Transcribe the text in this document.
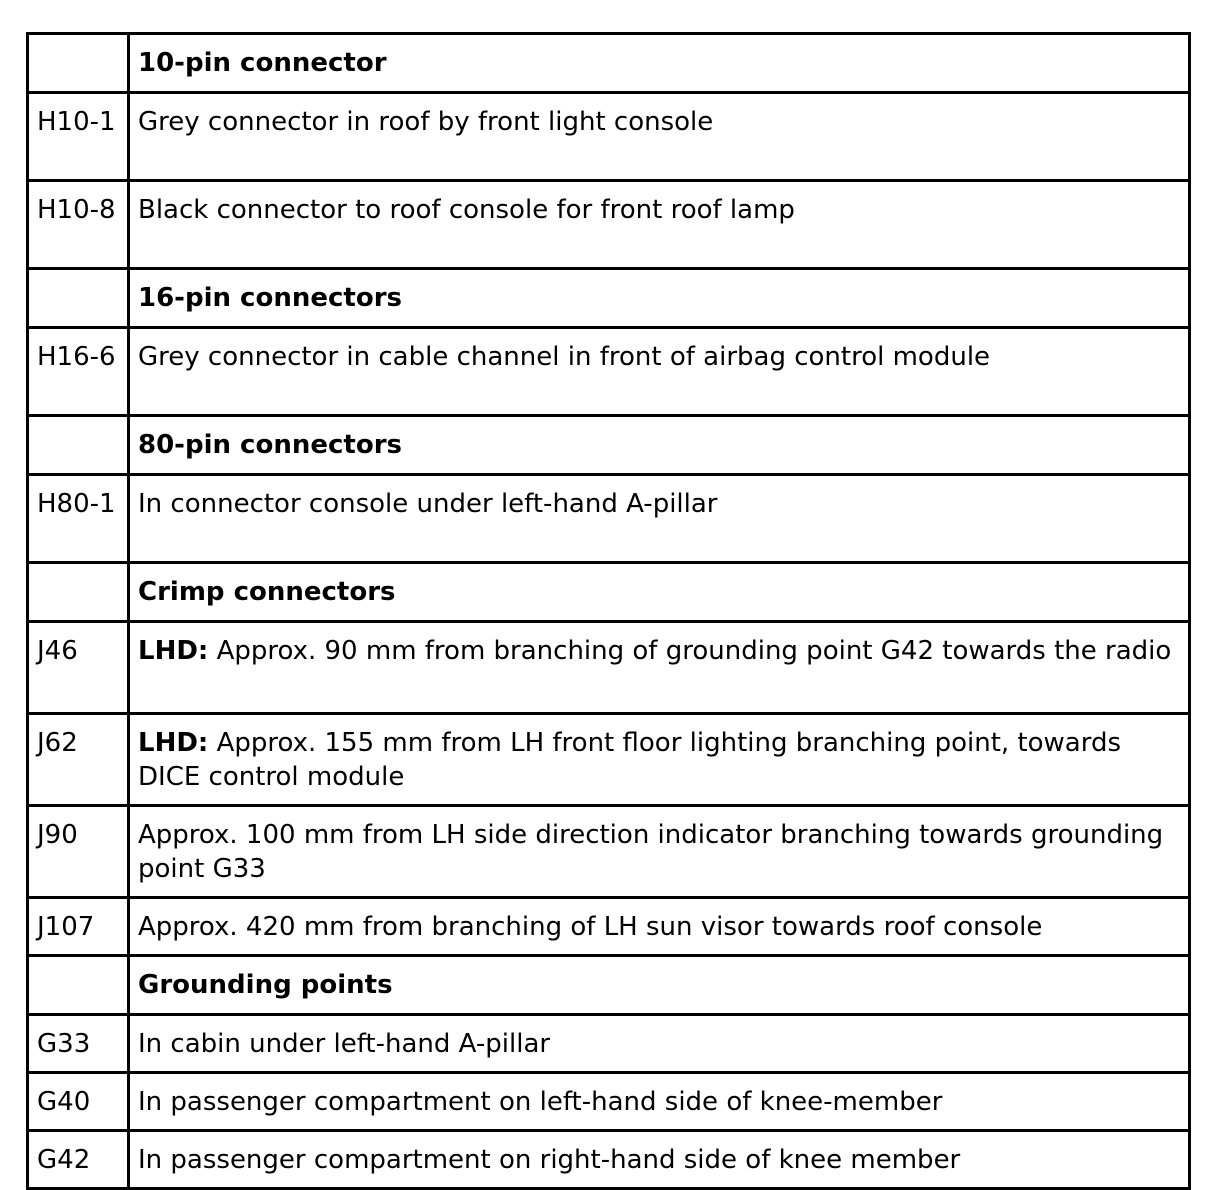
	10-pin connector
H10-1	Grey connector in roof by front light console
H10-8	Black connector to roof console for front roof lamp
	16-pin connectors
H16-6	Grey connector in cable channel in front of airbag control module
	80-pin connectors
H80-1	In connector console under left-hand A-pillar
	Crimp connectors
J46	LHD: Approx. 90 mm from branching of grounding point G42 towards the radio
J62	LHD: Approx. 155 mm from LH front floor lighting branching point, towards DICE control module
J90	Approx. 100 mm from LH side direction indicator branching towards grounding point G33
J107	Approx. 420 mm from branching of LH sun visor towards roof console
	Grounding points
G33	In cabin under left-hand A-pillar
G40	In passenger compartment on left-hand side of knee-member
G42	In passenger compartment on right-hand side of knee member
